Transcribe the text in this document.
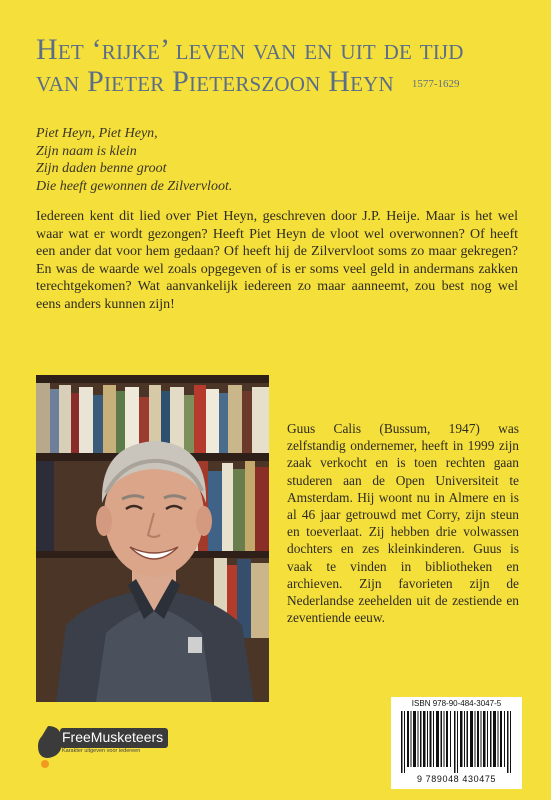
Het ‘rijke’ leven van en uit de tijd
van Pieter Pieterszoon Heyn 1577-1629
Piet Heyn, Piet Heyn,
Zijn naam is klein
Zijn daden benne groot
Die heeft gewonnen de Zilvervloot.
Iedereen kent dit lied over Piet Heyn, geschreven door J.P. Heije. Maar is het wel waar wat er wordt gezongen? Heeft Piet Heyn de vloot wel overwonnen? Of heeft een ander dat voor hem gedaan? Of heeft hij de Zilvervloot soms zo maar gekregen? En was de waarde wel zoals opgegeven of is er soms veel geld in andermans zakken terechtgekomen? Wat aanvankelijk iedereen zo maar aanneemt, zou best nog wel eens anders kunnen zijn!
Guus Calis (Bussum, 1947) was zelfstandig ondernemer, heeft in 1999 zijn zaak verkocht en is toen rechten gaan studeren aan de Open Universiteit te Amsterdam. Hij woont nu in Almere en is al 46 jaar getrouwd met Corry, zijn steun en toeverlaat. Zij hebben drie volwassen dochters en zes kleinkinderen. Guus is vaak te vinden in bibliotheken en archieven. Zijn favorieten zijn de Nederlandse zeehelden uit de zestiende en zeventiende eeuw.
ISBN 978-90-484-3047-5
9 789048 430475
FreeMusketeers
Karakter uitgeven voor iedereen
